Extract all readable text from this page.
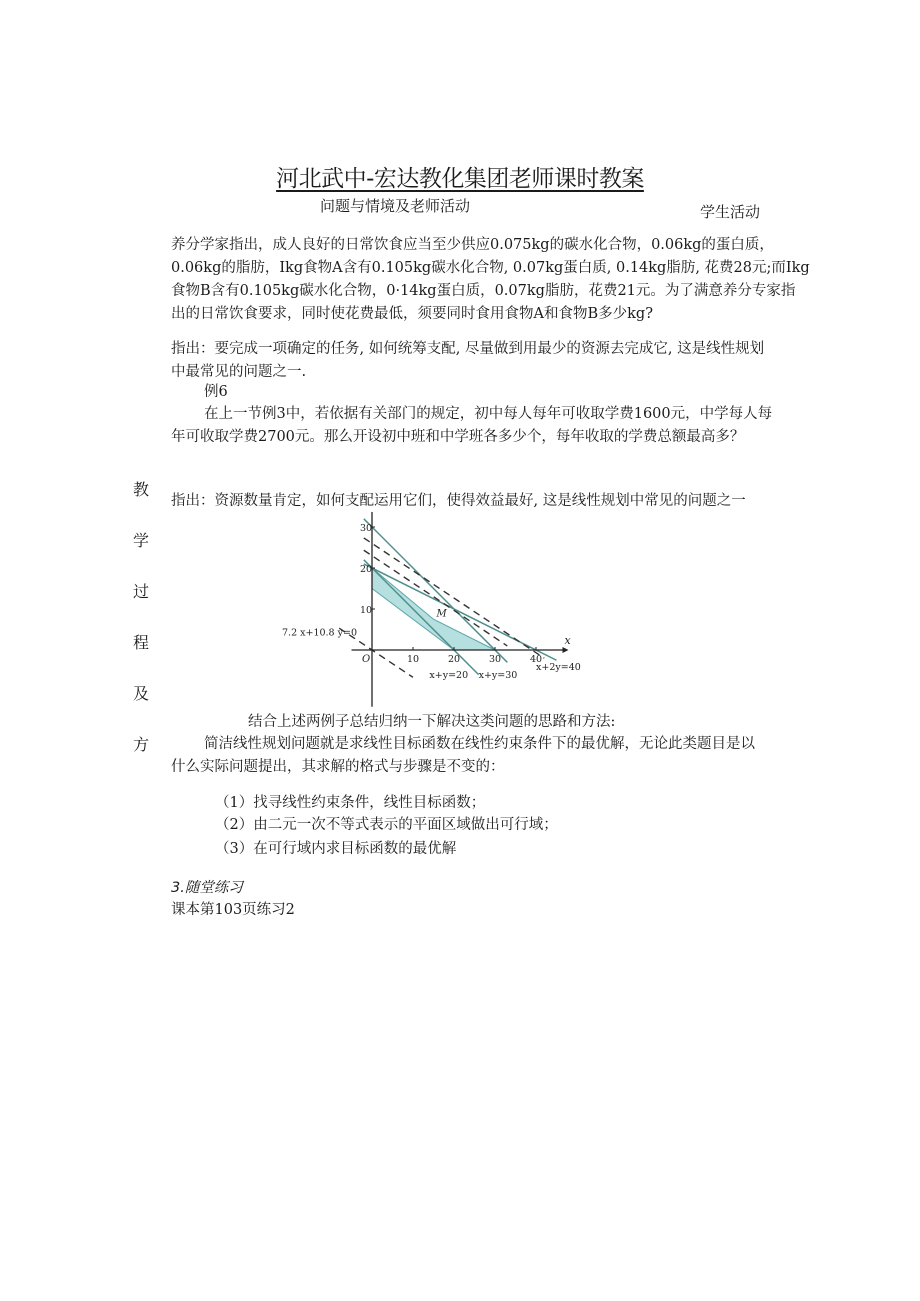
河北武中-宏达教化集团老师课时教案
问题与情境及老师活动	学生活动
养分学家指出，成人良好的日常饮食应当至少供应0.075kg的碳水化合物，0.06kg的蛋白质，
0.06kg的脂肪，Ikg食物A含有0.105kg碳水化合物, 0.07kg蛋白质, 0.14kg脂肪, 花费28元;而Ikg
食物B含有0.105kg碳水化合物，0·14kg蛋白质，0.07kg脂肪，花费21元。为了满意养分专家指
出的日常饮食要求，同时使花费最低，须要同时食用食物A和食物B多少kg?
指出：要完成一项确定的任务, 如何统筹支配, 尽量做到用最少的资源去完成它, 这是线性规划
中最常见的问题之一.
例6
在上一节例3中，若依据有关部门的规定，初中每人每年可收取学费1600元，中学每人每
年可收取学费2700元。那么开设初中班和中学班各多少个，每年收取的学费总额最高多？
指出：资源数量肯定，如何支配运用它们，使得效益最好, 这是线性规划中常见的问题之一
教
学
过
程
及
方
x
O	10	20	30	40
10
20
30
M
x+y=20 x+y=30
x+2y=40
7.2 x+10.8 y=0
结合上述两例子总结归纳一下解决这类问题的思路和方法:
简洁线性规划问题就是求线性目标函数在线性约束条件下的最优解，无论此类题目是以
什么实际问题提出，其求解的格式与步骤是不变的：
（1）找寻线性约束条件，线性目标函数；
（2）由二元一次不等式表示的平面区域做出可行域；
（3）在可行域内求目标函数的最优解
3.随堂练习
课本第103页练习2
